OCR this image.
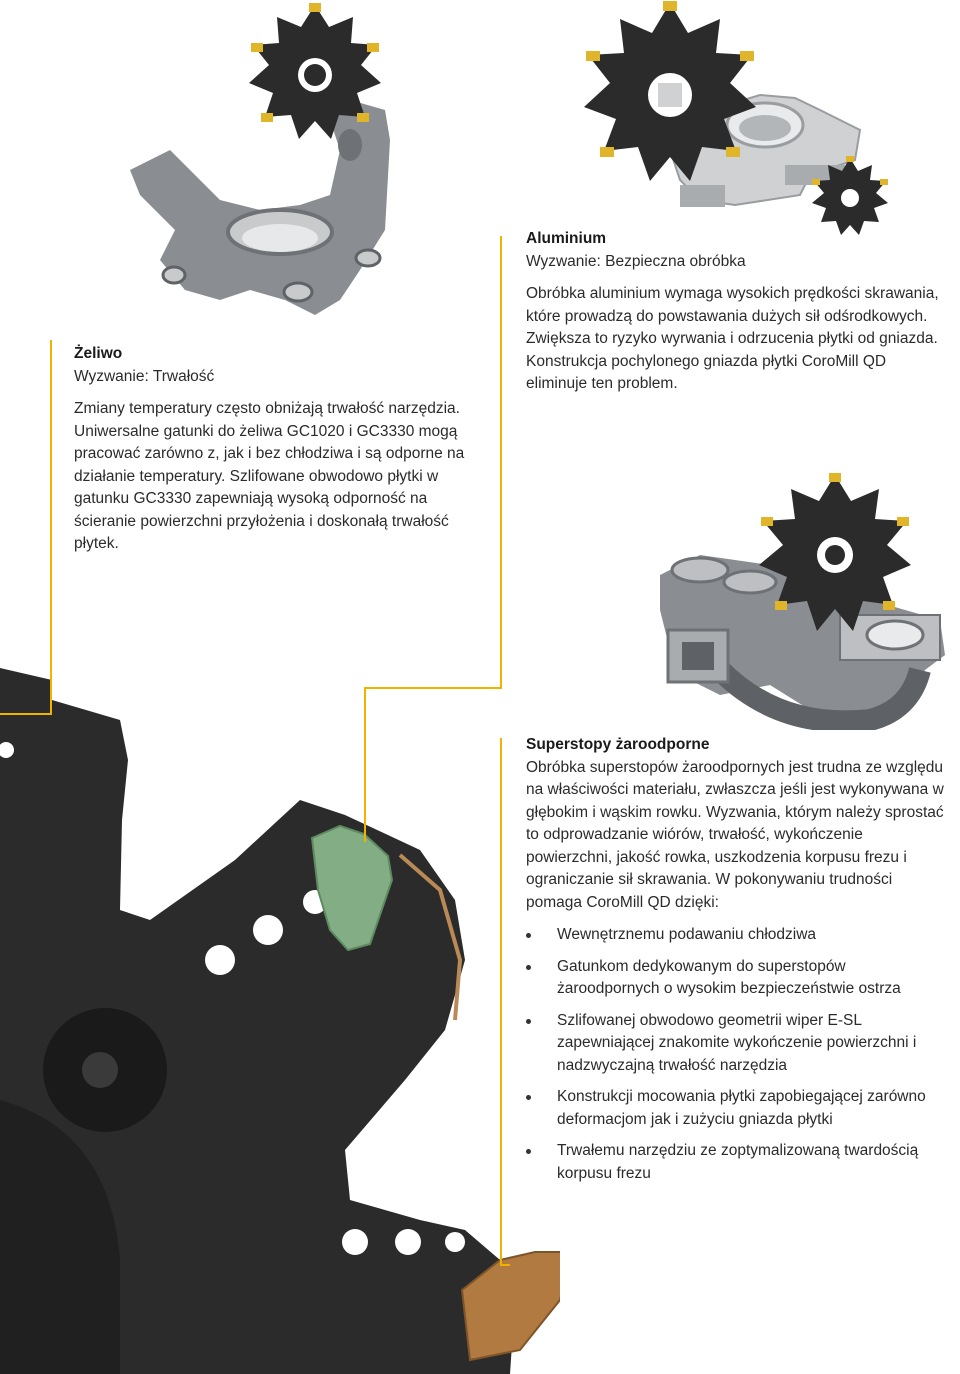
Żeliwo

Wyzwanie: Trwałość

Zmiany temperatury często obniżają trwałość narzędzia. Uniwersalne gatunki do żeliwa GC1020 i GC3330 mogą pracować zarówno z, jak i bez chłodziwa i są odporne na działanie temperatury. Szlifowane obwodowo płytki w gatunku GC3330 zapewniają wysoką odporność na ścieranie powierzchni przyłożenia i doskonałą trwałość płytek.

Aluminium

Wyzwanie: Bezpieczna obróbka

Obróbka aluminium wymaga wysokich prędkości skrawania, które prowadzą do powstawania dużych sił odśrodkowych. Zwiększa to ryzyko wyrwania i odrzucenia płytki od gniazda. Konstrukcja pochylonego gniazda płytki CoroMill QD eliminuje ten problem.

Superstopy żaroodporne

Obróbka superstopów żaroodpornych jest trudna ze względu na właściwości materiału, zwłaszcza jeśli jest wykonywana w głębokim i wąskim rowku. Wyzwania, którym należy sprostać to odprowadzanie wiórów, trwałość, wykończenie powierzchni, jakość rowka, uszkodzenia korpusu frezu i ograniczanie sił skrawania. W pokonywaniu trudności pomaga CoroMill QD dzięki:

Wewnętrznemu podawaniu chłodziwa
Gatunkom dedykowanym do superstopów żaroodpornych o wysokim bezpieczeństwie ostrza
Szlifowanej obwodowo geometrii wiper E-SL zapewniającej znakomite wykończenie powierzchni i nadzwyczajną trwałość narzędzia
Konstrukcji mocowania płytki zapobiegającej zarówno deformacjom jak i zużyciu gniazda płytki
Trwałemu narzędziu ze zoptymalizowaną twardością korpusu frezu
